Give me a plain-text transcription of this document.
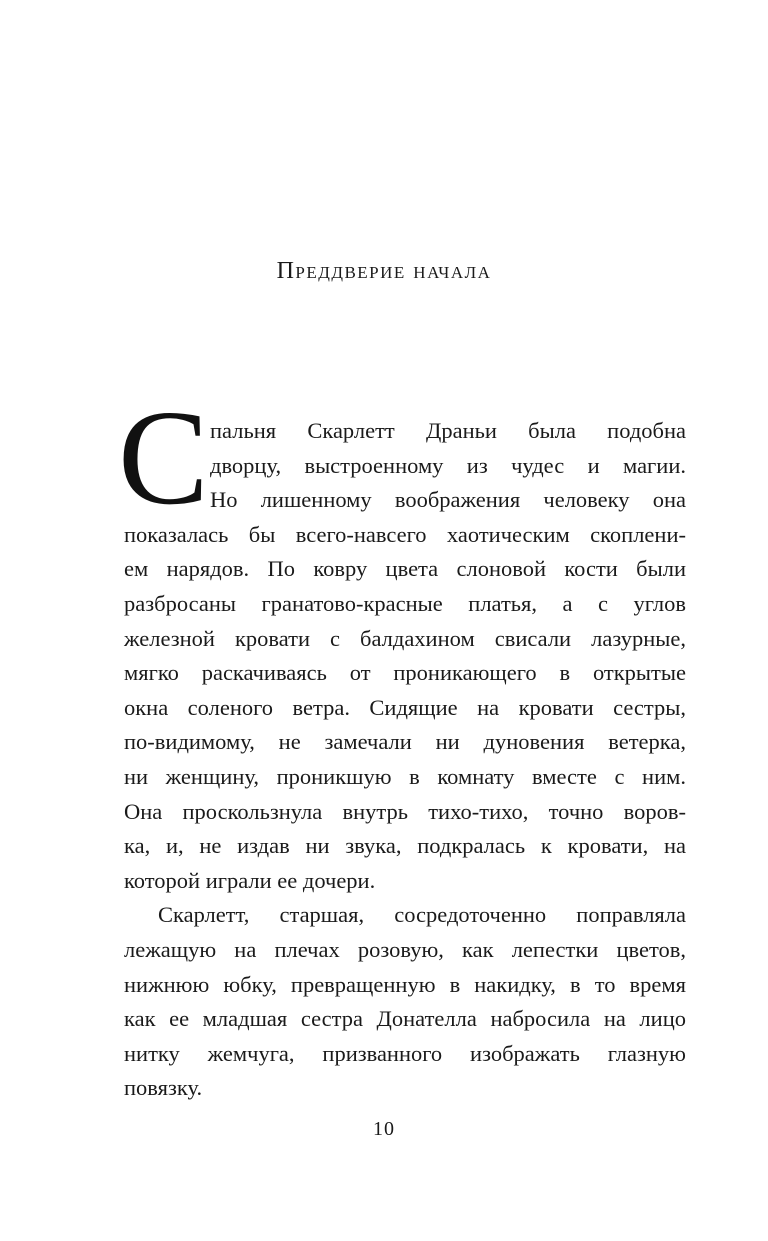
Преддверие начала
С пальня Скарлетт Драньи была подобна
дворцу, выстроенному из чудес и магии.
Но лишенному воображения человеку она
показалась бы всего-навсего хаотическим скоплени-
ем нарядов. По ковру цвета слоновой кости были
разбросаны гранатово-красные платья, а с углов
железной кровати с балдахином свисали лазурные,
мягко раскачиваясь от проникающего в открытые
окна соленого ветра. Сидящие на кровати сестры,
по-видимому, не замечали ни дуновения ветерка,
ни женщину, проникшую в комнату вместе с ним.
Она проскользнула внутрь тихо-тихо, точно воров-
ка, и, не издав ни звука, подкралась к кровати, на
которой играли ее дочери.
Скарлетт, старшая, сосредоточенно поправляла
лежащую на плечах розовую, как лепестки цветов,
нижнюю юбку, превращенную в накидку, в то время
как ее младшая сестра Донателла набросила на лицо
нитку жемчуга, призванного изображать глазную
повязку.
10
